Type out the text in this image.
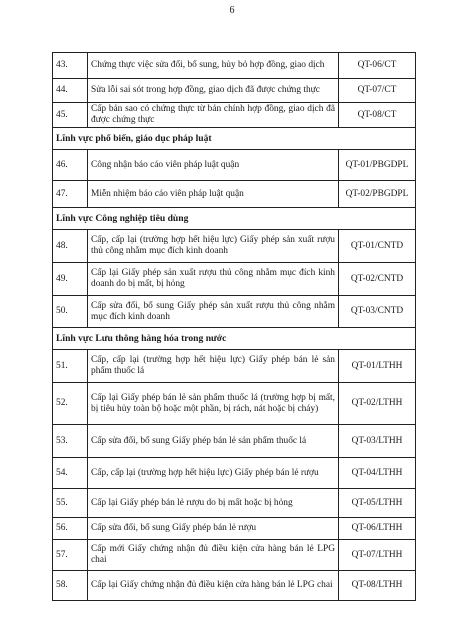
6
43.	Chứng thực việc sửa đổi, bổ sung, hủy bỏ hợp đồng, giao dịch	QT-06/CT
44.	Sửa lỗi sai sót trong hợp đồng, giao dịch đã được chứng thực	QT-07/CT
45.	Cấp bản sao có chứng thực từ bản chính hợp đồng, giao dịch đã được chứng thực	QT-08/CT
Lĩnh vực phổ biến, giáo dục pháp luật		
46.	Công nhận báo cáo viên pháp luật quận	QT-01/PBGDPL
47.	Miễn nhiệm báo cáo viên pháp luật quận	QT-02/PBGDPL
Lĩnh vực Công nghiệp tiêu dùng		
48.	Cấp, cấp lại (trường hợp hết hiệu lực) Giấy phép sản xuất rượu thủ công nhằm mục đích kinh doanh	QT-01/CNTD
49.	Cấp lại Giấy phép sản xuất rượu thủ công nhằm mục đích kinh doanh do bị mất, bị hỏng	QT-02/CNTD
50.	Cấp sửa đổi, bổ sung Giấy phép sản xuất rượu thủ công nhằm mục đích kinh doanh	QT-03/CNTD
Lĩnh vực Lưu thông hàng hóa trong nước		
51.	Cấp, cấp lại (trường hợp hết hiệu lực) Giấy phép bán lẻ sản phẩm thuốc lá	QT-01/LTHH
52.	Cấp lại Giấy phép bán lẻ sản phẩm thuốc lá (trường hợp bị mất, bị tiêu hủy toàn bộ hoặc một phần, bị rách, nát hoặc bị cháy)	QT-02/LTHH
53.	Cấp sửa đổi, bổ sung Giấy phép bán lẻ sản phẩm thuốc lá	QT-03/LTHH
54.	Cấp, cấp lại (trường hợp hết hiệu lực) Giấy phép bán lẻ rượu	QT-04/LTHH
55.	Cấp lại Giấy phép bán lẻ rượu do bị mất hoặc bị hỏng	QT-05/LTHH
56.	Cấp sửa đổi, bổ sung Giấy phép bán lẻ rượu	QT-06/LTHH
57.	Cấp mới Giấy chứng nhận đủ điều kiện cửa hàng bán lẻ LPG chai	QT-07/LTHH
58.	Cấp lại Giấy chứng nhận đủ điều kiện cửa hàng bán lẻ LPG chai	QT-08/LTHH
